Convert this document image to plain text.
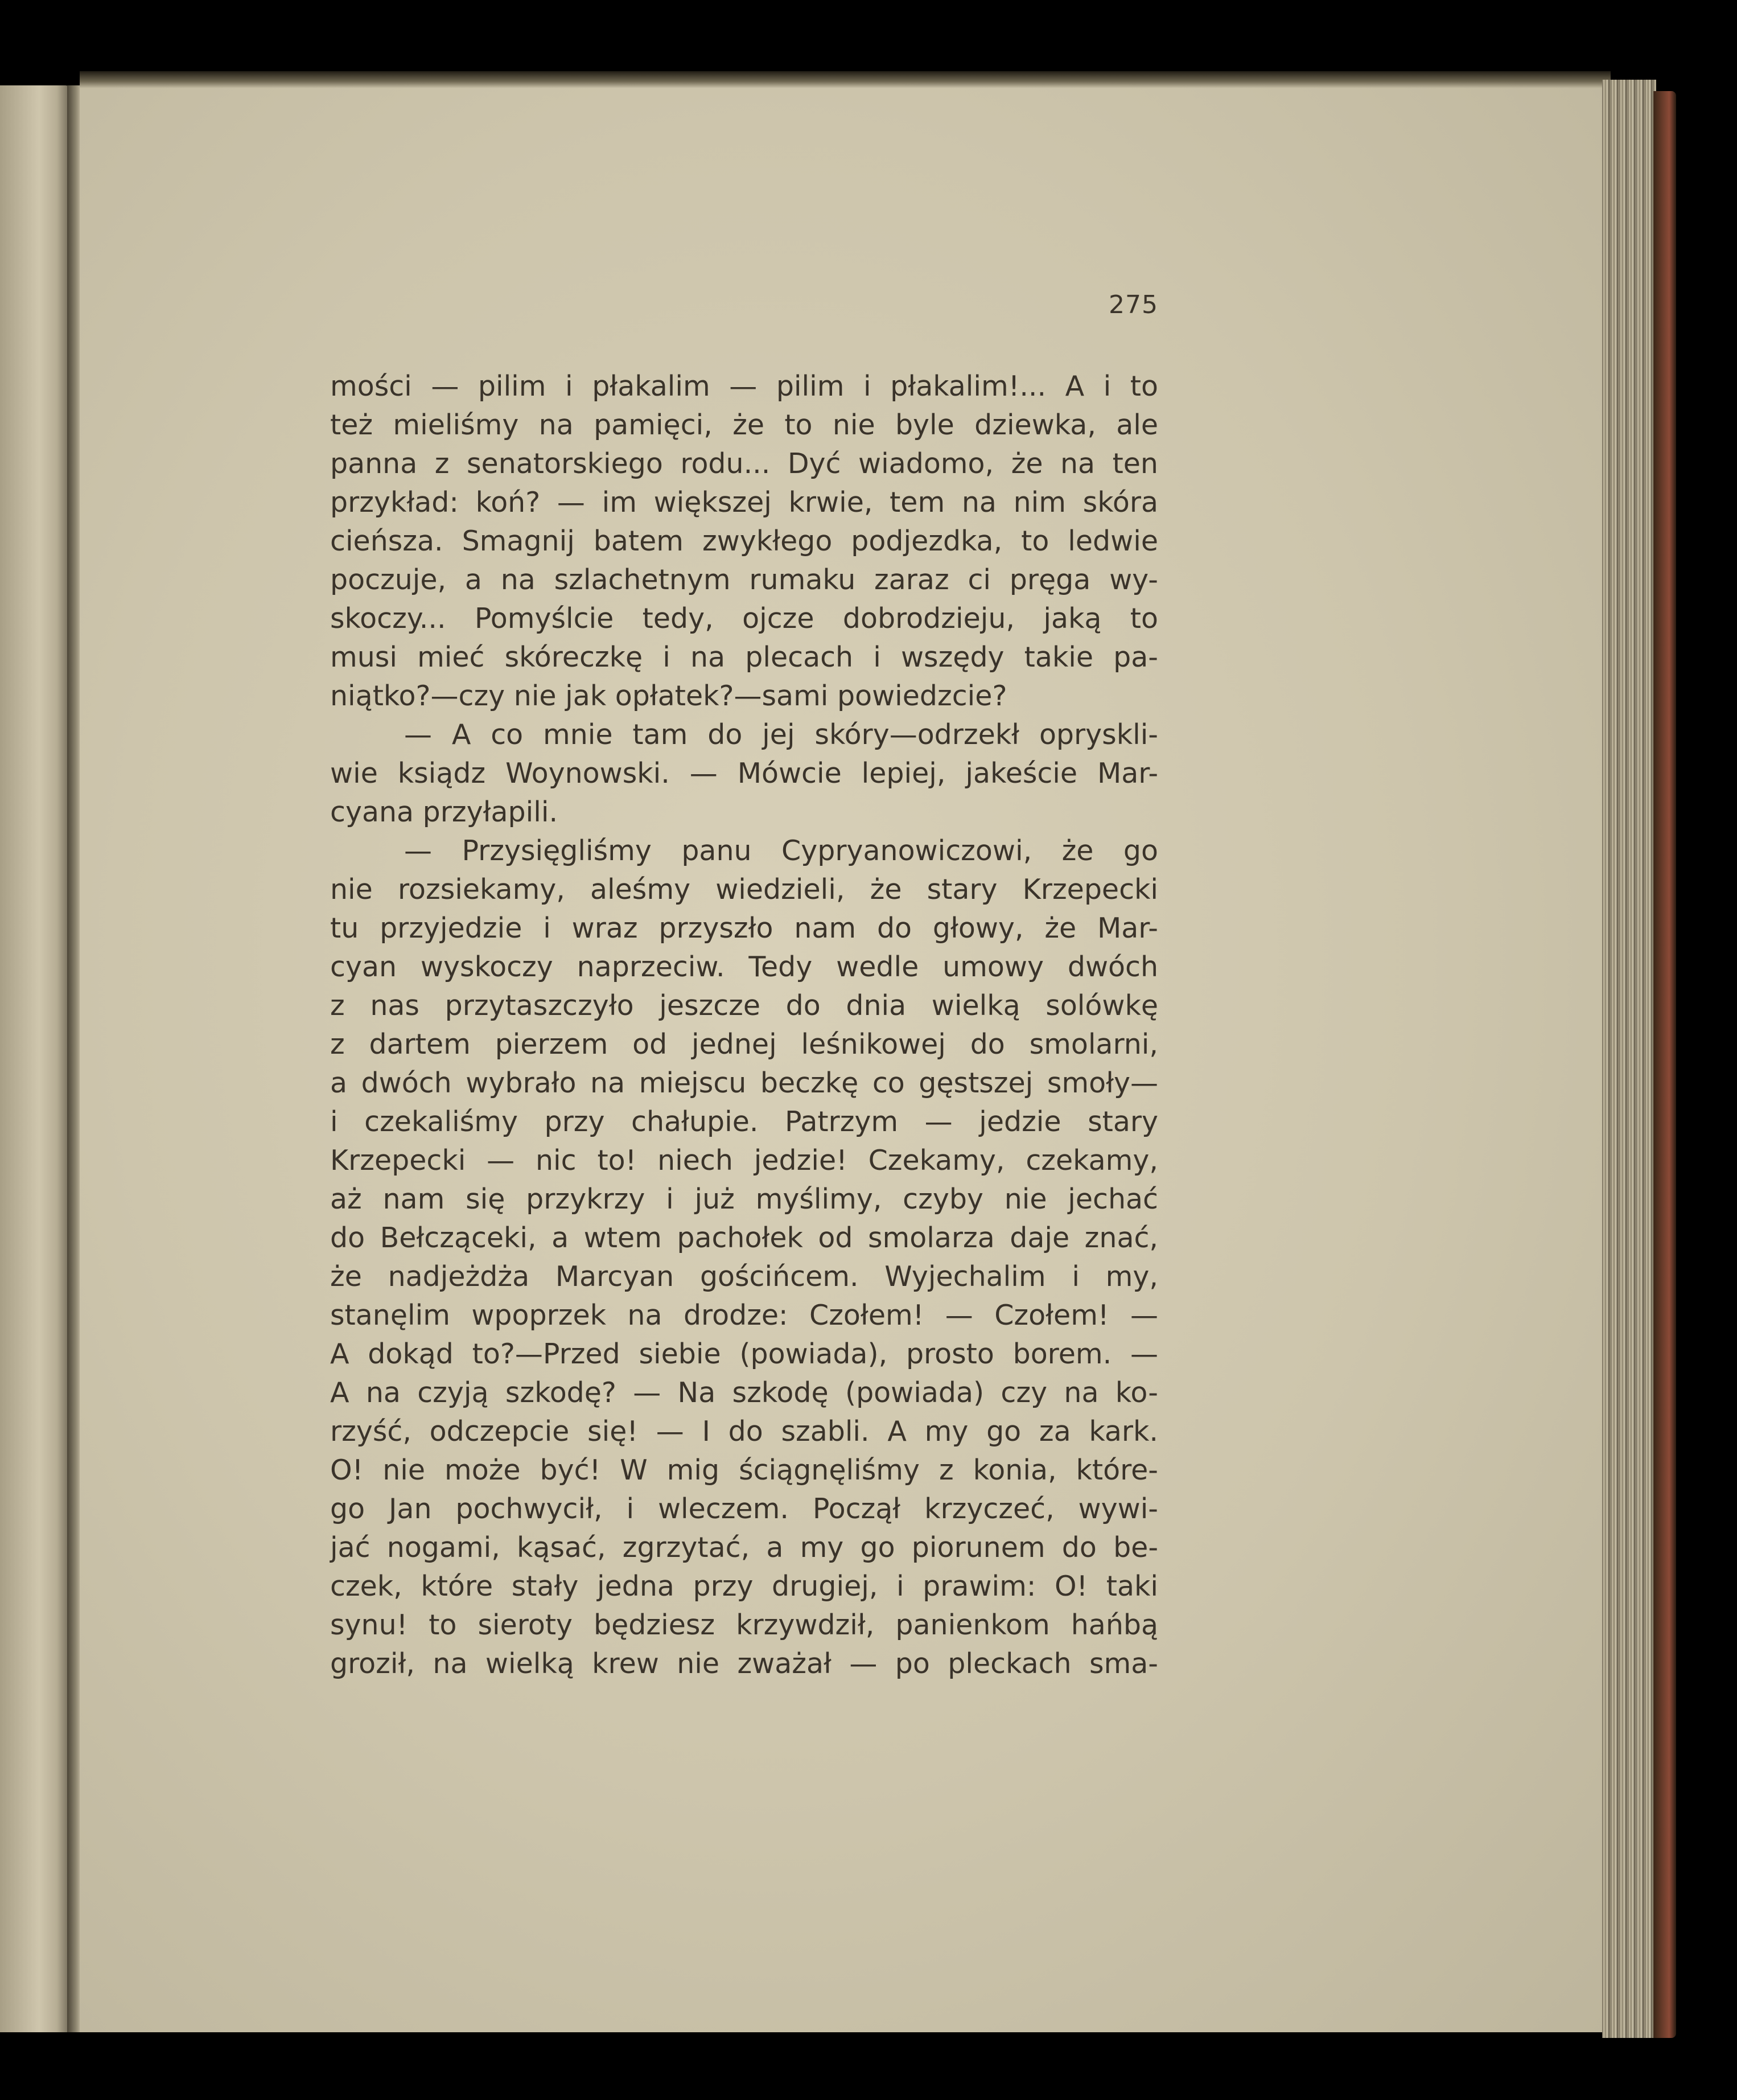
275
mości — pilim i płakalim — pilim i płakalim!... A i to
też mieliśmy na pamięci, że to nie byle dziewka, ale
panna z senatorskiego rodu... Dyć wiadomo, że na ten
przykład: koń? — im większej krwie, tem na nim skóra
cieńsza. Smagnij batem zwykłego podjezdka, to ledwie
poczuje, a na szlachetnym rumaku zaraz ci pręga wy-
skoczy... Pomyślcie tedy, ojcze dobrodzieju, jaką to
musi mieć skóreczkę i na plecach i wszędy takie pa-
niątko?—czy nie jak opłatek?—sami powiedzcie?
— A co mnie tam do jej skóry—odrzekł oprysklі-
wie ksiądz Woynowski. — Mówcie lepiej, jakeście Mar-
cyana przyłapili.
— Przysięgliśmy panu Cypryanowiczowi, że go
nie rozsiekamy, aleśmy wiedzieli, że stary Krzepecki
tu przyjedzie i wraz przyszło nam do głowy, że Mar-
cyan wyskoczy naprzeciw. Tedy wedle umowy dwóch
z nas przytaszczyło jeszcze do dnia wielką solówkę
z dartem pierzem od jednej leśnikowej do smolarni,
a dwóch wybrało na miejscu beczkę co gęstszej smoły—
i czekaliśmy przy chałupie. Patrzym — jedzie stary
Krzepecki — nic to! niech jedzie! Czekamy, czekamy,
aż nam się przykrzy i już myślimy, czyby nie jechać
do Bełcząceki, a wtem pachołek od smolarza daje znać,
że nadjeżdża Marcyan gościńcem. Wyjechalim i my,
stanęlim wpoprzek na drodze: Czołem! — Czołem! —
A dokąd to?—Przed siebie (powiada), prosto borem. —
A na czyją szkodę? — Na szkodę (powiada) czy na ko-
rzyść, odczepcie się! — I do szabli. A my go za kark.
O! nie może być! W mig ściągnęliśmy z konia, które-
go Jan pochwycił, i wleczem. Począł krzyczeć, wywi-
jać nogami, kąsać, zgrzytać, a my go piorunem do be-
czek, które stały jedna przy drugiej, i prawim: O! taki
synu! to sieroty będziesz krzywdził, panienkom hańbą
groził, na wielką krew nie zważał — po pleckach sma-
